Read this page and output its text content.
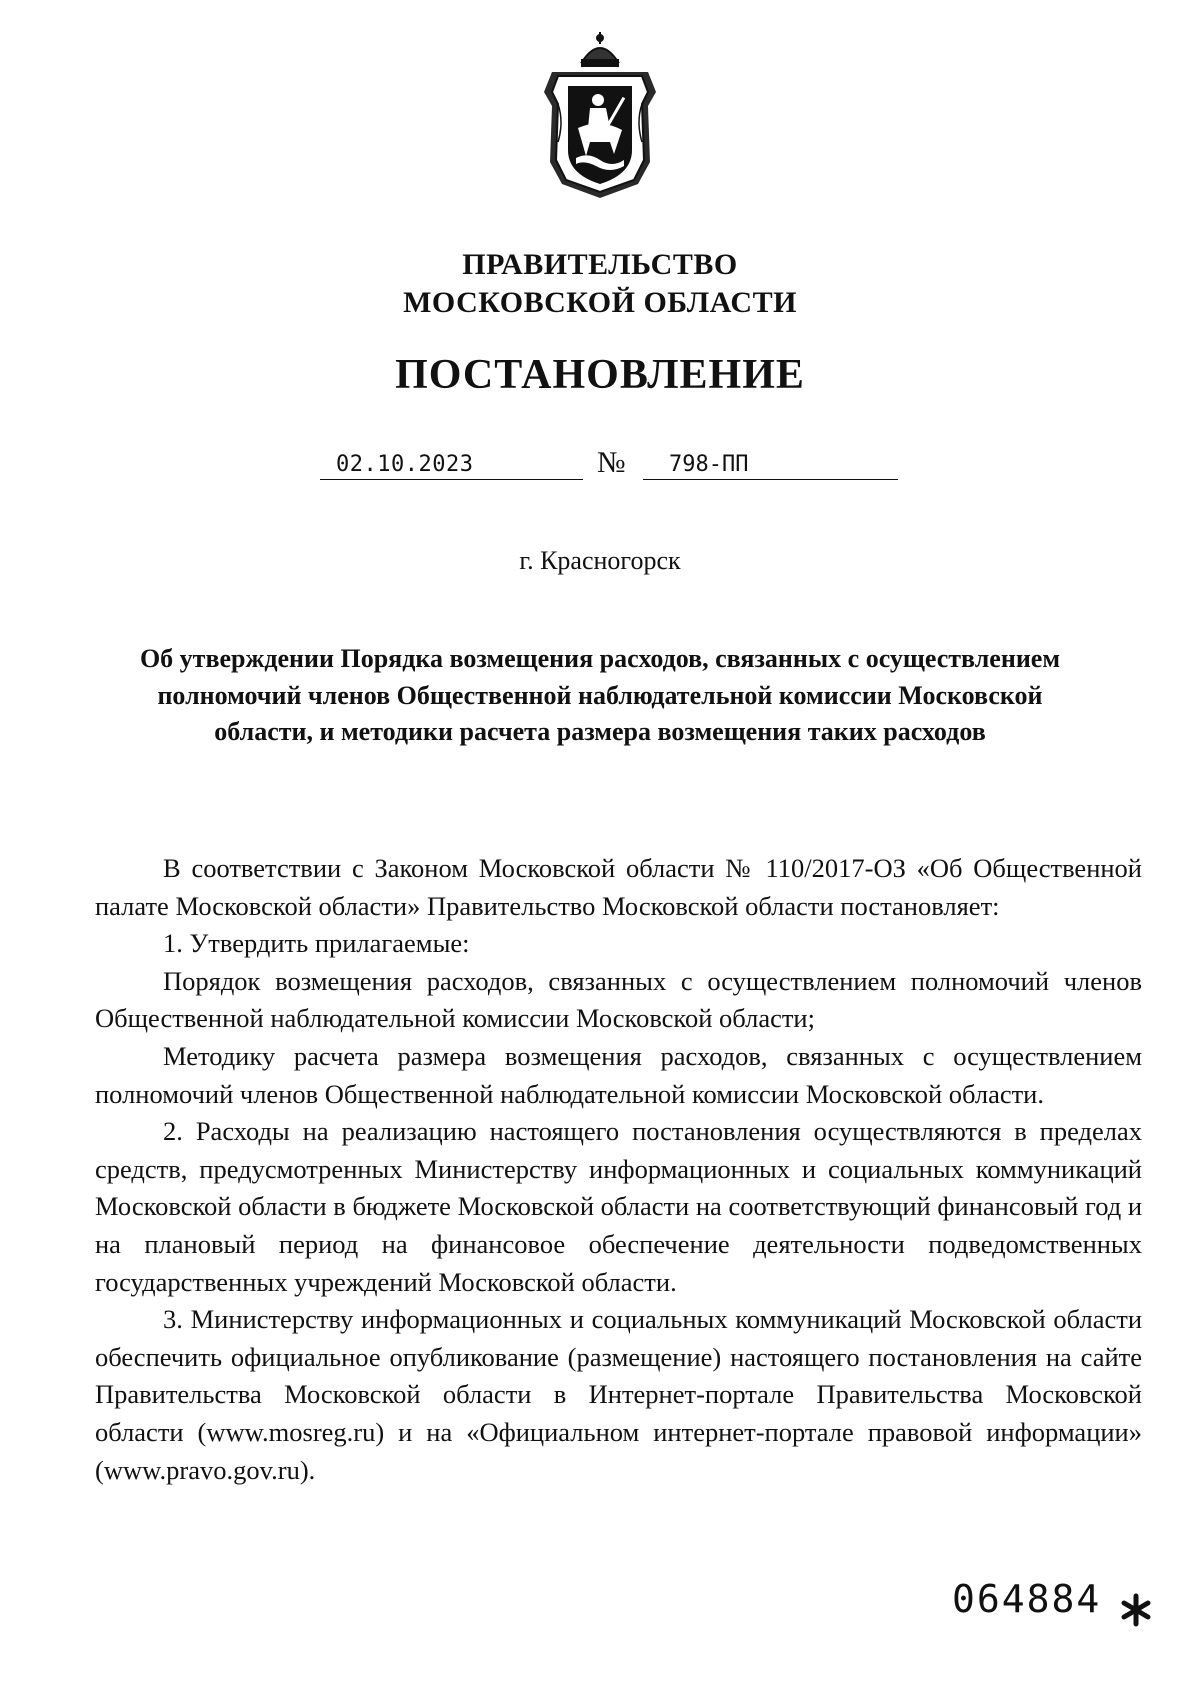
ПРАВИТЕЛЬСТВО
МОСКОВСКОЙ ОБЛАСТИ
ПОСТАНОВЛЕНИЕ
02.10.2023	№ 798-ПП
г. Красногорск
Об утверждении Порядка возмещения расходов, связанных с осуществлением полномочий членов Общественной наблюдательной комиссии Московской области, и методики расчета размера возмещения таких расходов

В соответствии с Законом Московской области № 110/2017-ОЗ «Об Общественной палате Московской области» Правительство Московской области постановляет:

1. Утвердить прилагаемые:

Порядок возмещения расходов, связанных с осуществлением полномочий членов Общественной наблюдательной комиссии Московской области;

Методику расчета размера возмещения расходов, связанных с осуществлением полномочий членов Общественной наблюдательной комиссии Московской области.

2. Расходы на реализацию настоящего постановления осуществляются в пределах средств, предусмотренных Министерству информационных и социальных коммуникаций Московской области в бюджете Московской области на соответствующий финансовый год и на плановый период на финансовое обеспечение деятельности подведомственных государственных учреждений Московской области.

3. Министерству информационных и социальных коммуникаций Московской области обеспечить официальное опубликование (размещение) настоящего постановления на сайте Правительства Московской области в Интернет-портале Правительства Московской области (www.mosreg.ru) и на «Официальном интернет-портале правовой информации» (www.pravo.gov.ru).

064884
